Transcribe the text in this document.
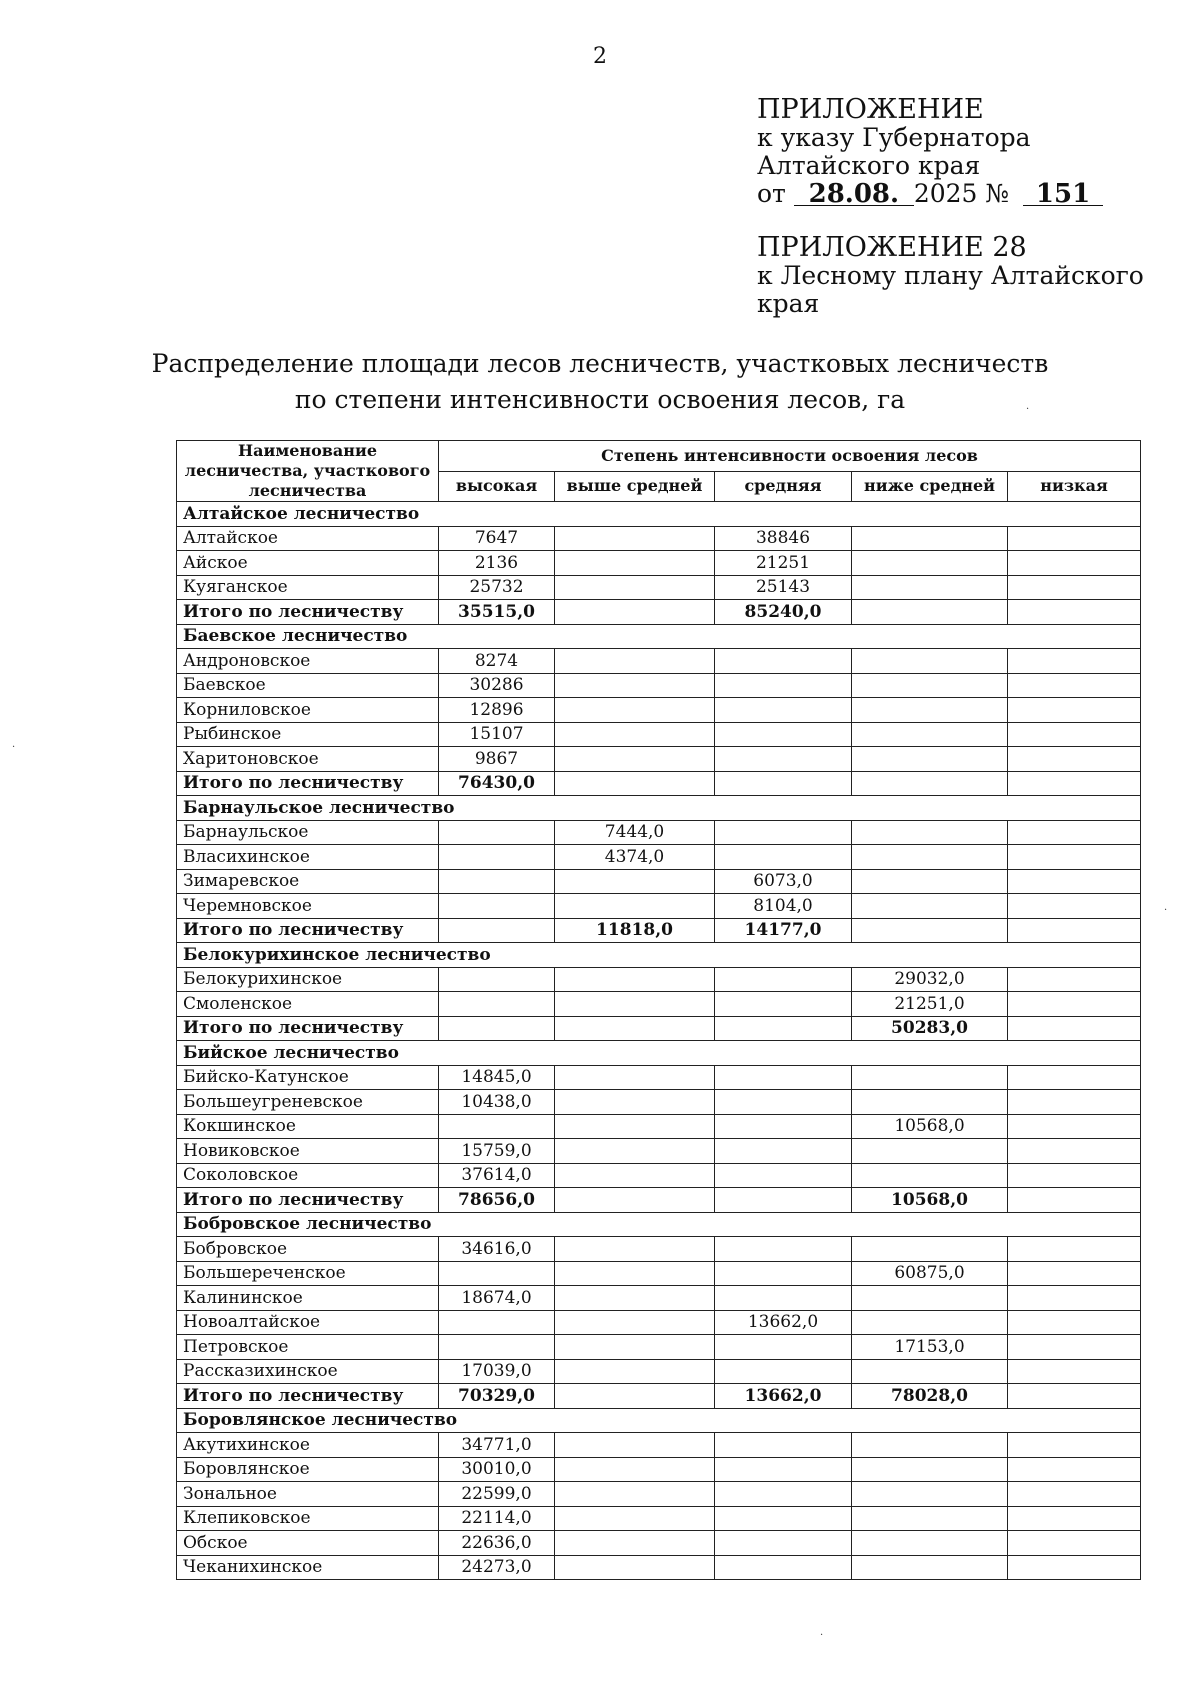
2
ПРИЛОЖЕНИЕ
к указу Губернатора
Алтайского края
от 28.08. 2025 № 151
ПРИЛОЖЕНИЕ 28
к Лесному плану Алтайского
края
Распределение площади лесов лесничеств, участковых лесничеств
по степени интенсивности освоения лесов, га
Наименование лесничества, участкового лесничества	Степень интенсивности освоения лесов				
	высокая	выше средней	средняя	ниже средней	низкая
Алтайское лесничество					
Алтайское	7647		38846		
Айское	2136		21251		
Куяганское	25732		25143		
Итого по лесничеству	35515,0		85240,0		
Баевское лесничество					
Андроновское	8274				
Баевское	30286				
Корниловское	12896				
Рыбинское	15107				
Харитоновское	9867				
Итого по лесничеству	76430,0				
Барнаульское лесничество					
Барнаульское		7444,0			
Власихинское		4374,0			
Зимаревское			6073,0		
Черемновское			8104,0		
Итого по лесничеству		11818,0	14177,0		
Белокурихинское лесничество					
Белокурихинское				29032,0	
Смоленское				21251,0	
Итого по лесничеству				50283,0	
Бийское лесничество					
Бийско-Катунское	14845,0				
Большеугреневское	10438,0				
Кокшинское				10568,0	
Новиковское	15759,0				
Соколовское	37614,0				
Итого по лесничеству	78656,0			10568,0	
Бобровское лесничество					
Бобровское	34616,0				
Большереченское				60875,0	
Калининское	18674,0				
Новоалтайское			13662,0		
Петровское				17153,0	
Рассказихинское	17039,0				
Итого по лесничеству	70329,0		13662,0	78028,0	
Боровлянское лесничество					
Акутихинское	34771,0				
Боровлянское	30010,0				
Зональное	22599,0				
Клепиковское	22114,0				
Обское	22636,0				
Чеканихинское	24273,0				
·
·
·
·
